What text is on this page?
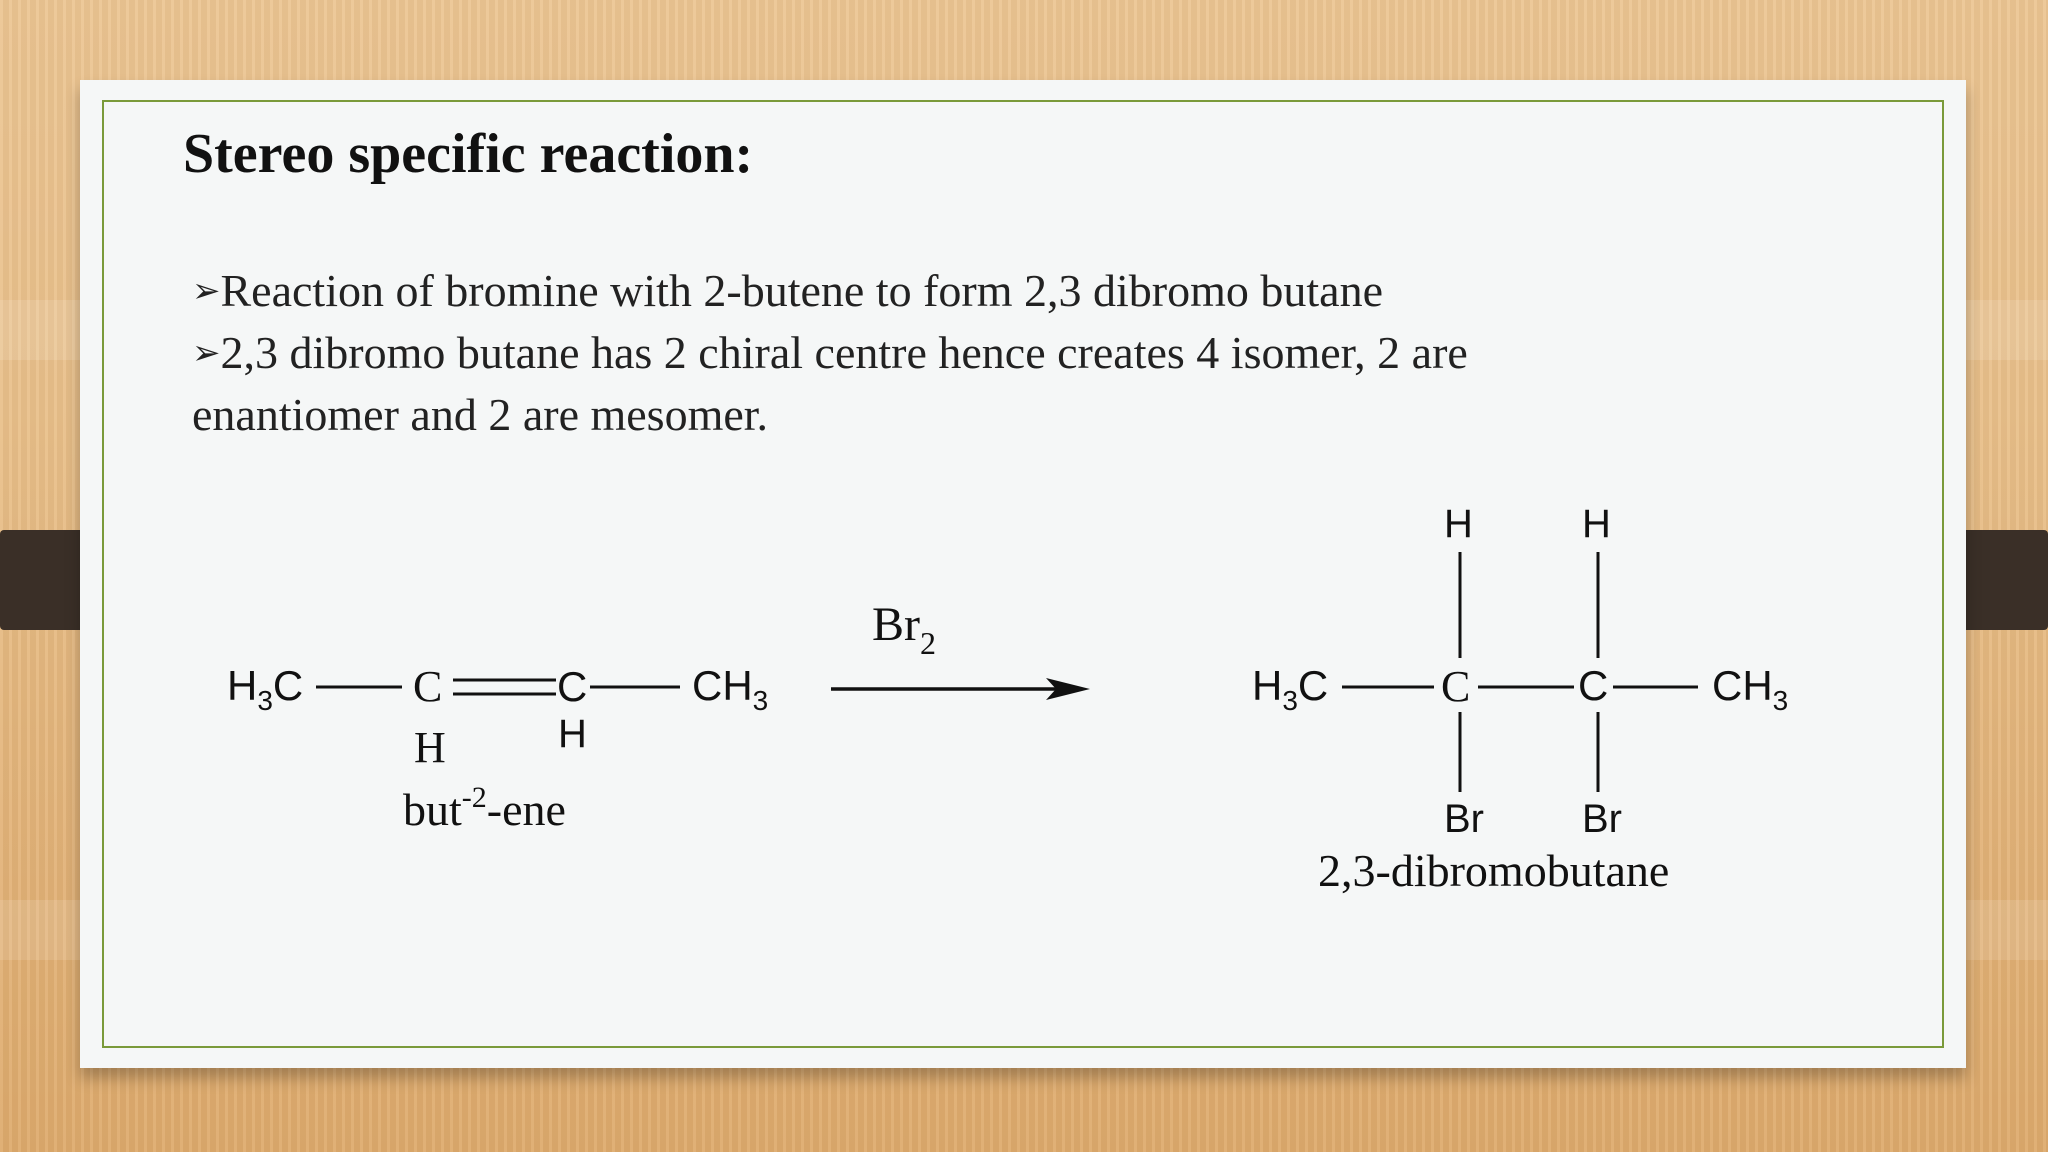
Stereo specific reaction:
➢Reaction of bromine with 2-butene to form 2,3 dibromo butane
➢2,3 dibromo butane has 2 chiral centre hence creates 4 isomer, 2 are
enantiomer and 2 are mesomer.
$H_3C$ C
H
C
H
$CH_3$
but$^{-2}$-ene
$Br_2$
$H_3C$	C	C $CH_3$
H	H
Br Br
2,3-dibromobutane
